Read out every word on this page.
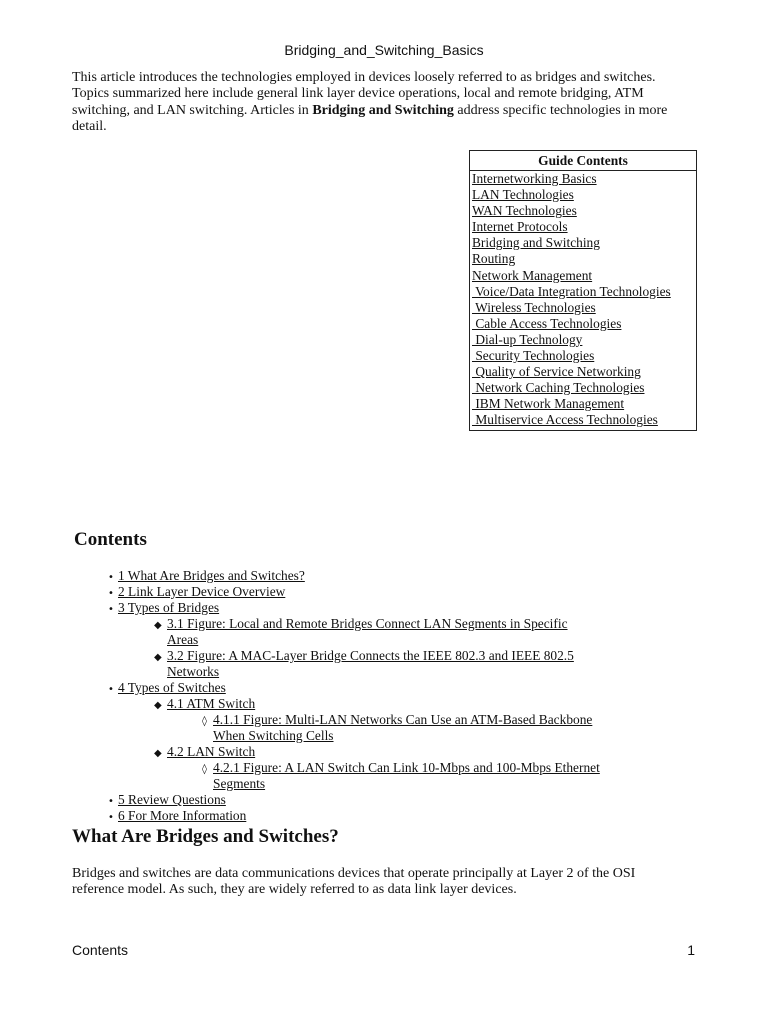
Bridging_and_Switching_Basics
This article introduces the technologies employed in devices loosely referred to as bridges and switches. Topics summarized here include general link layer device operations, local and remote bridging, ATM switching, and LAN switching. Articles in Bridging and Switching address specific technologies in more detail.
Guide Contents
Internetworking Basics
LAN Technologies
WAN Technologies
Internet Protocols
Bridging and Switching
Routing
Network Management
Voice/Data Integration Technologies
Wireless Technologies
Cable Access Technologies
Dial-up Technology
Security Technologies
Quality of Service Networking
Network Caching Technologies
IBM Network Management
Multiservice Access Technologies
Contents
• 1 What Are Bridges and Switches?
• 2 Link Layer Device Overview
• 3 Types of Bridges
◆ 3.1 Figure: Local and Remote Bridges Connect LAN Segments in Specific Areas
◆ 3.2 Figure: A MAC-Layer Bridge Connects the IEEE 802.3 and IEEE 802.5 Networks
• 4 Types of Switches
◆ 4.1 ATM Switch
◊ 4.1.1 Figure: Multi-LAN Networks Can Use an ATM-Based Backbone When Switching Cells
◆ 4.2 LAN Switch
◊ 4.2.1 Figure: A LAN Switch Can Link 10-Mbps and 100-Mbps Ethernet Segments
• 5 Review Questions
• 6 For More Information
What Are Bridges and Switches?
Bridges and switches are data communications devices that operate principally at Layer 2 of the OSI reference model. As such, they are widely referred to as data link layer devices.
Contents	1
